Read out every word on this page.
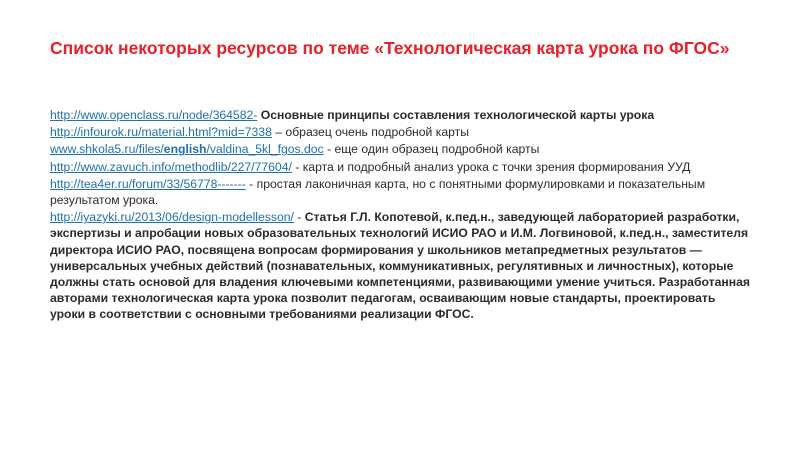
Список некоторых ресурсов по теме «Технологическая карта урока по ФГОС»

http://www.openclass.ru/node/364582- Основные принципы составления технологической карты урока

http://infourok.ru/material.html?mid=7338 – образец очень подробной карты

www.shkola5.ru/files/english/valdina_5kl_fgos.doc - еще один образец подробной карты

http://www.zavuch.info/methodlib/227/77604/ - карта и подробный анализ урока с точки зрения формирования УУД

http://tea4er.ru/forum/33/56778------- - простая лаконичная карта, но с понятными формулировками и показательным результатом урока.

http://iyazyki.ru/2013/06/design-modellesson/ - Статья Г.Л. Копотевой, к.пед.н., заведующей лабораторией разработки, экспертизы и апробации новых образовательных технологий ИСИО РАО и И.М. Логвиновой, к.пед.н., заместителя директора ИСИО РАО, посвящена вопросам формирования у школьников метапредметных результатов — универсальных учебных действий (познавательных, коммуникативных, регулятивных и личностных), которые должны стать основой для владения ключевыми компетенциями, развивающими умение учиться. Разработанная авторами технологическая карта урока позволит педагогам, осваивающим новые стандарты, проектировать уроки в соответствии с основными требованиями реализации ФГОС.
